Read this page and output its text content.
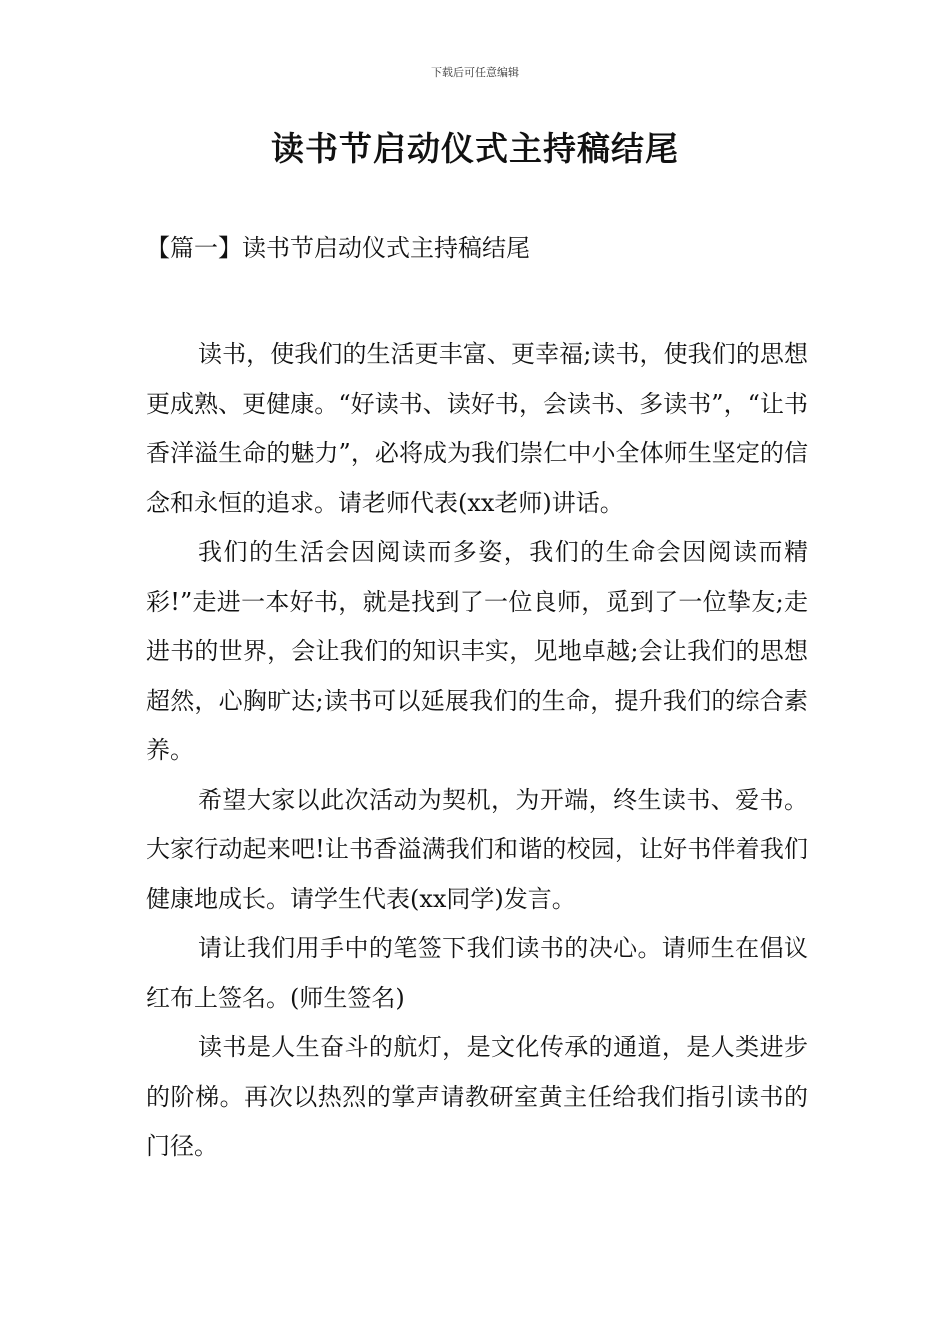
下载后可任意编辑
读书节启动仪式主持稿结尾

【篇一】读书节启动仪式主持稿结尾

读书，使我们的生活更丰富、更幸福;读书，使我们的思想更成熟、更健康。“好读书、读好书，会读书、多读书”，“让书香洋溢生命的魅力”，必将成为我们崇仁中小全体师生坚定的信念和永恒的追求。请老师代表(xx老师)讲话。

我们的生活会因阅读而多姿，我们的生命会因阅读而精彩!”走进一本好书，就是找到了一位良师，觅到了一位挚友;走进书的世界，会让我们的知识丰实，见地卓越;会让我们的思想超然，心胸旷达;读书可以延展我们的生命，提升我们的综合素养。

希望大家以此次活动为契机，为开端，终生读书、爱书。大家行动起来吧!让书香溢满我们和谐的校园，让好书伴着我们健康地成长。请学生代表(xx同学)发言。

请让我们用手中的笔签下我们读书的决心。请师生在倡议红布上签名。(师生签名)

读书是人生奋斗的航灯，是文化传承的通道，是人类进步的阶梯。再次以热烈的掌声请教研室黄主任给我们指引读书的门径。
